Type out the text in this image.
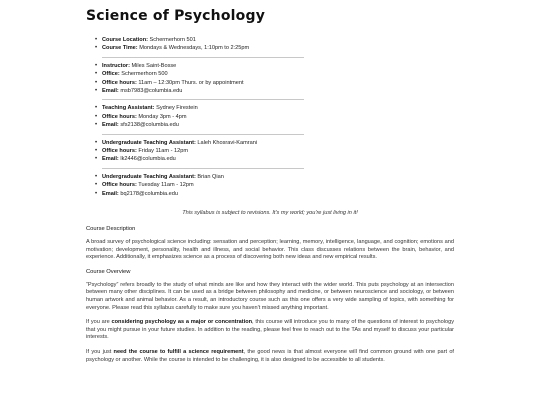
Science of Psychology
• Course Location: Schermerhorn 501
• Course Time: Mondays & Wednesdays, 1:10pm to 2:25pm
• Instructor: Miles Saint-Bosse
• Office: Schermerhorn 500
• Office hours: 11am – 12:30pm Thurs. or by appointment
• Email: msb7983@columbia.edu
• Teaching Assistant: Sydney Firestein
• Office hours: Monday 3pm - 4pm
• Email: sfs2138@columbia.edu
• Undergraduate Teaching Assistant: Laleh Khosravi-Kamrani
• Office hours: Friday 11am - 12pm
• Email: lk2446@columbia.edu
• Undergraduate Teaching Assistant: Brian Qian
• Office hours: Tuesday 11am - 12pm
• Email: bq2178@columbia.edu
This syllabus is subject to revisions. It's my world; you're just living in it!
Course Description

A broad survey of psychological science including: sensation and perception; learning, memory, intelligence, language, and cognition; emotions and motivation; development, personality, health and illness, and social behavior. This class discusses relations between the brain, behavior, and experience. Additionally, it emphasizes science as a process of discovering both new ideas and new empirical results.

Course Overview

“Psychology” refers broadly to the study of what minds are like and how they interact with the wider world. This puts psychology at an intersection between many other disciplines. It can be used as a bridge between philosophy and medicine, or between neuroscience and sociology, or between human artwork and animal behavior. As a result, an introductory course such as this one offers a very wide sampling of topics, with something for everyone. Please read this syllabus carefully to make sure you haven't missed anything important.

If you are considering psychology as a major or concentration, this course will introduce you to many of the questions of interest to psychology that you might pursue in your future studies. In addition to the reading, please feel free to reach out to the TAs and myself to discuss your particular interests.

If you just need the course to fulfill a science requirement, the good news is that almost everyone will find common ground with one part of psychology or another. While the course is intended to be challenging, it is also designed to be accessible to all students.
